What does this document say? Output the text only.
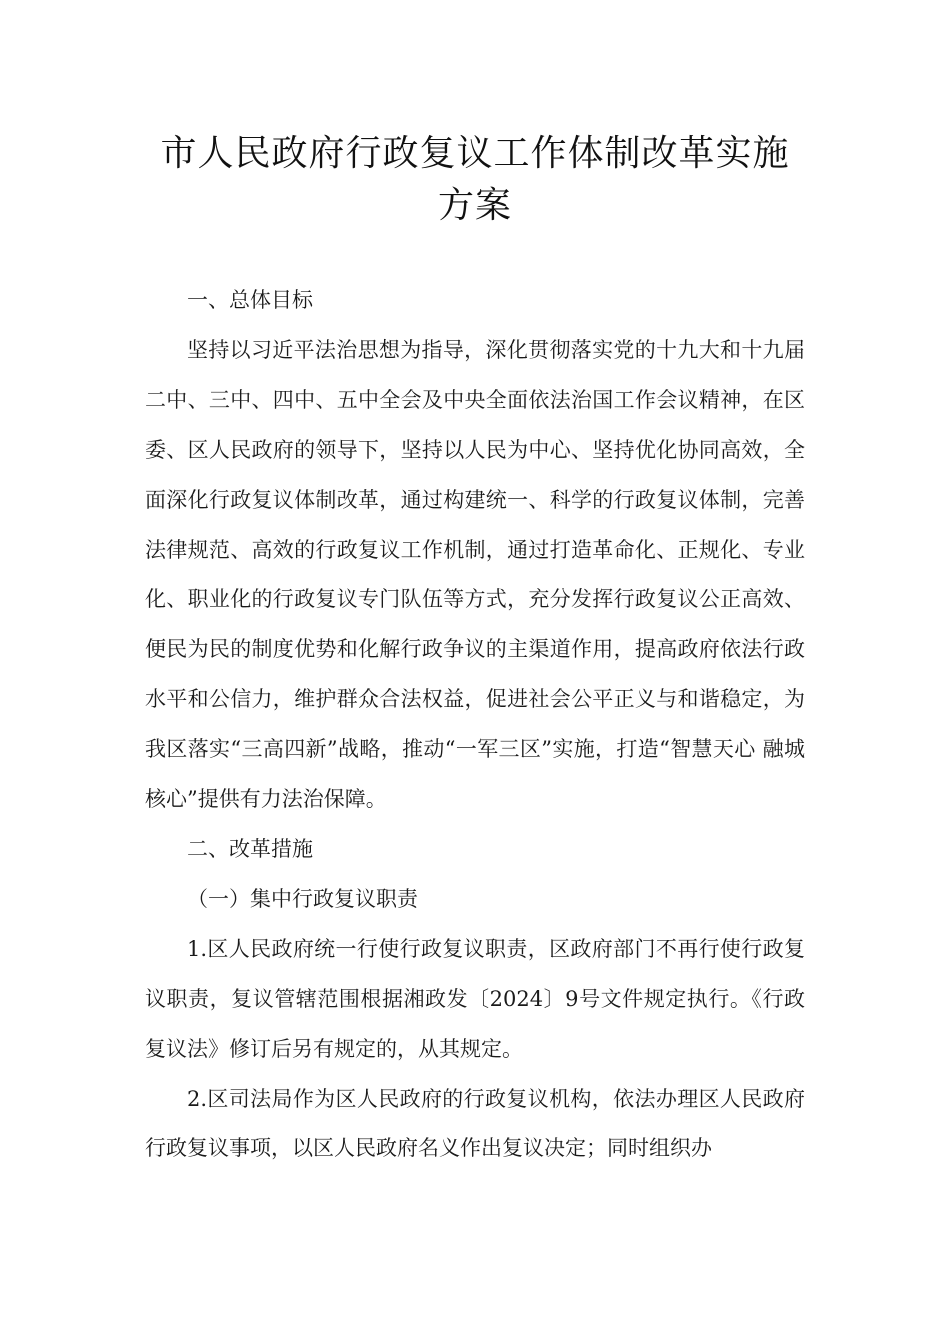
市人民政府行政复议工作体制改革实施
方案

一、总体目标

坚持以习近平法治思想为指导，深化贯彻落实党的十九大和十九届二中、三中、四中、五中全会及中央全面依法治国工作会议精神，在区委、区人民政府的领导下，坚持以人民为中心、坚持优化协同高效，全面深化行政复议体制改革，通过构建统一、科学的行政复议体制，完善法律规范、高效的行政复议工作机制，通过打造革命化、正规化、专业化、职业化的行政复议专门队伍等方式，充分发挥行政复议公正高效、便民为民的制度优势和化解行政争议的主渠道作用，提高政府依法行政水平和公信力，维护群众合法权益，促进社会公平正义与和谐稳定，为我区落实“三高四新”战略，推动“一军三区”实施，打造“智慧天心 融城核心”提供有力法治保障。

二、改革措施

（一）集中行政复议职责

1.区人民政府统一行使行政复议职责，区政府部门不再行使行政复议职责，复议管辖范围根据湘政发〔2024〕9号文件规定执行。《行政复议法》修订后另有规定的，从其规定。

2.区司法局作为区人民政府的行政复议机构，依法办理区人民政府行政复议事项，以区人民政府名义作出复议决定；同时组织办
